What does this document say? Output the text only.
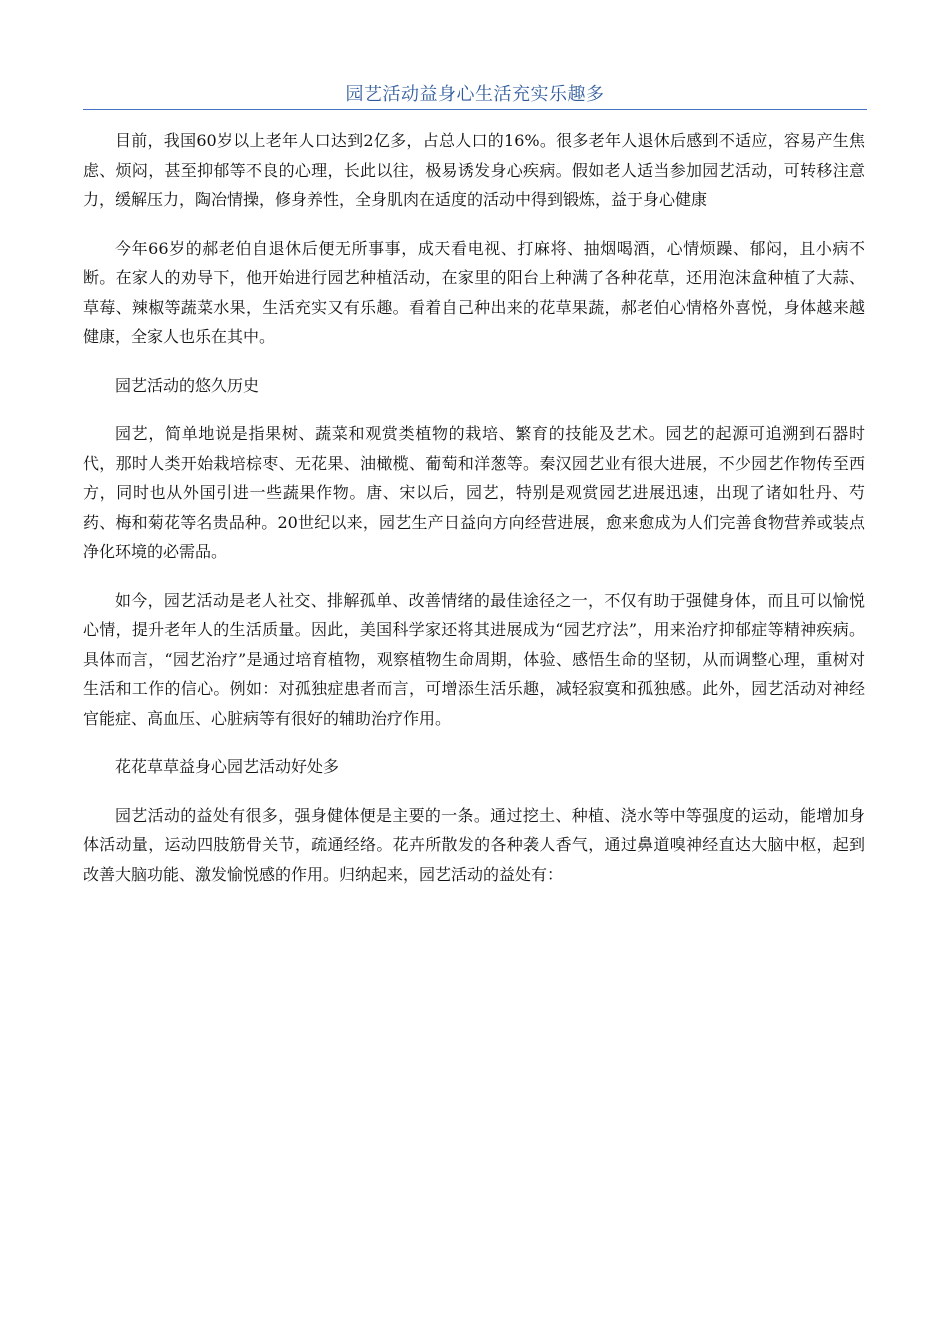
园艺活动益身心生活充实乐趣多

目前，我国60岁以上老年人口达到2亿多，占总人口的16%。很多老年人退休后感到不适应，容易产生焦虑、烦闷，甚至抑郁等不良的心理，长此以往，极易诱发身心疾病。假如老人适当参加园艺活动，可转移注意力，缓解压力，陶冶情操，修身养性，全身肌肉在适度的活动中得到锻炼，益于身心健康

今年66岁的郝老伯自退休后便无所事事，成天看电视、打麻将、抽烟喝酒，心情烦躁、郁闷，且小病不断。在家人的劝导下，他开始进行园艺种植活动，在家里的阳台上种满了各种花草，还用泡沫盒种植了大蒜、草莓、辣椒等蔬菜水果，生活充实又有乐趣。看着自己种出来的花草果蔬，郝老伯心情格外喜悦，身体越来越健康，全家人也乐在其中。

园艺活动的悠久历史

园艺，简单地说是指果树、蔬菜和观赏类植物的栽培、繁育的技能及艺术。园艺的起源可追溯到石器时代，那时人类开始栽培棕枣、无花果、油橄榄、葡萄和洋葱等。秦汉园艺业有很大进展，不少园艺作物传至西方，同时也从外国引进一些蔬果作物。唐、宋以后，园艺，特别是观赏园艺进展迅速，出现了诸如牡丹、芍药、梅和菊花等名贵品种。20世纪以来，园艺生产日益向方向经营进展，愈来愈成为人们完善食物营养或装点净化环境的必需品。

如今，园艺活动是老人社交、排解孤单、改善情绪的最佳途径之一，不仅有助于强健身体，而且可以愉悦心情，提升老年人的生活质量。因此，美国科学家还将其进展成为“园艺疗法”，用来治疗抑郁症等精神疾病。具体而言，“园艺治疗”是通过培育植物，观察植物生命周期，体验、感悟生命的坚韧，从而调整心理，重树对生活和工作的信心。例如：对孤独症患者而言，可增添生活乐趣，减轻寂寞和孤独感。此外，园艺活动对神经官能症、高血压、心脏病等有很好的辅助治疗作用。

花花草草益身心园艺活动好处多

园艺活动的益处有很多，强身健体便是主要的一条。通过挖土、种植、浇水等中等强度的运动，能增加身体活动量，运动四肢筋骨关节，疏通经络。花卉所散发的各种袭人香气，通过鼻道嗅神经直达大脑中枢，起到改善大脑功能、激发愉悦感的作用。归纳起来，园艺活动的益处有：
